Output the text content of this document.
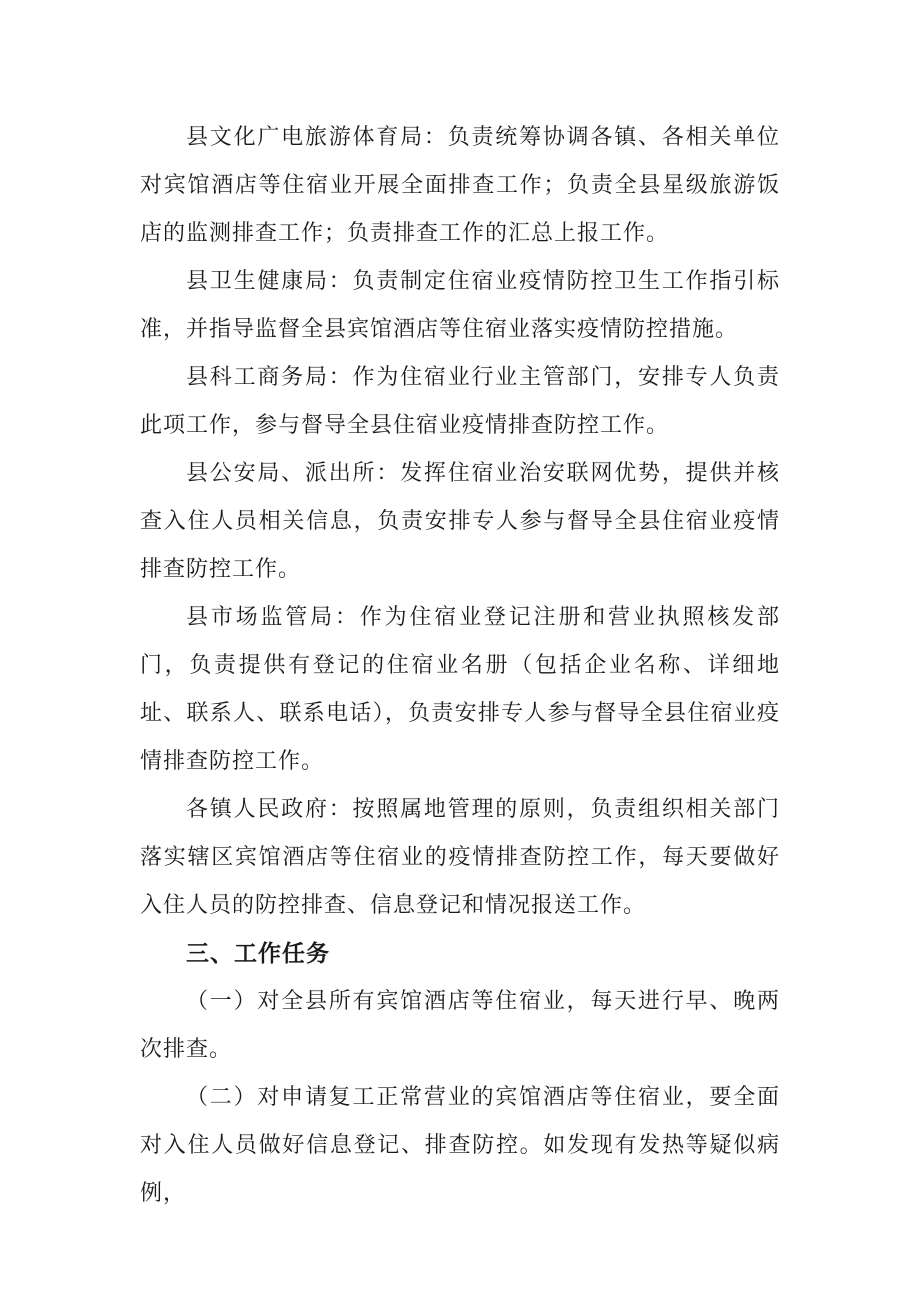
县文化广电旅游体育局：负责统筹协调各镇、各相关单位对宾馆酒店等住宿业开展全面排查工作；负责全县星级旅游饭店的监测排查工作；负责排查工作的汇总上报工作。

县卫生健康局：负责制定住宿业疫情防控卫生工作指引标准，并指导监督全县宾馆酒店等住宿业落实疫情防控措施。

县科工商务局：作为住宿业行业主管部门，安排专人负责此项工作，参与督导全县住宿业疫情排查防控工作。

县公安局、派出所：发挥住宿业治安联网优势，提供并核查入住人员相关信息，负责安排专人参与督导全县住宿业疫情排查防控工作。

县市场监管局：作为住宿业登记注册和营业执照核发部门，负责提供有登记的住宿业名册（包括企业名称、详细地址、联系人、联系电话），负责安排专人参与督导全县住宿业疫情排查防控工作。

各镇人民政府：按照属地管理的原则，负责组织相关部门落实辖区宾馆酒店等住宿业的疫情排查防控工作，每天要做好入住人员的防控排查、信息登记和情况报送工作。

三、工作任务

（一）对全县所有宾馆酒店等住宿业，每天进行早、晚两次排查。

（二）对申请复工正常营业的宾馆酒店等住宿业，要全面对入住人员做好信息登记、排查防控。如发现有发热等疑似病例，
